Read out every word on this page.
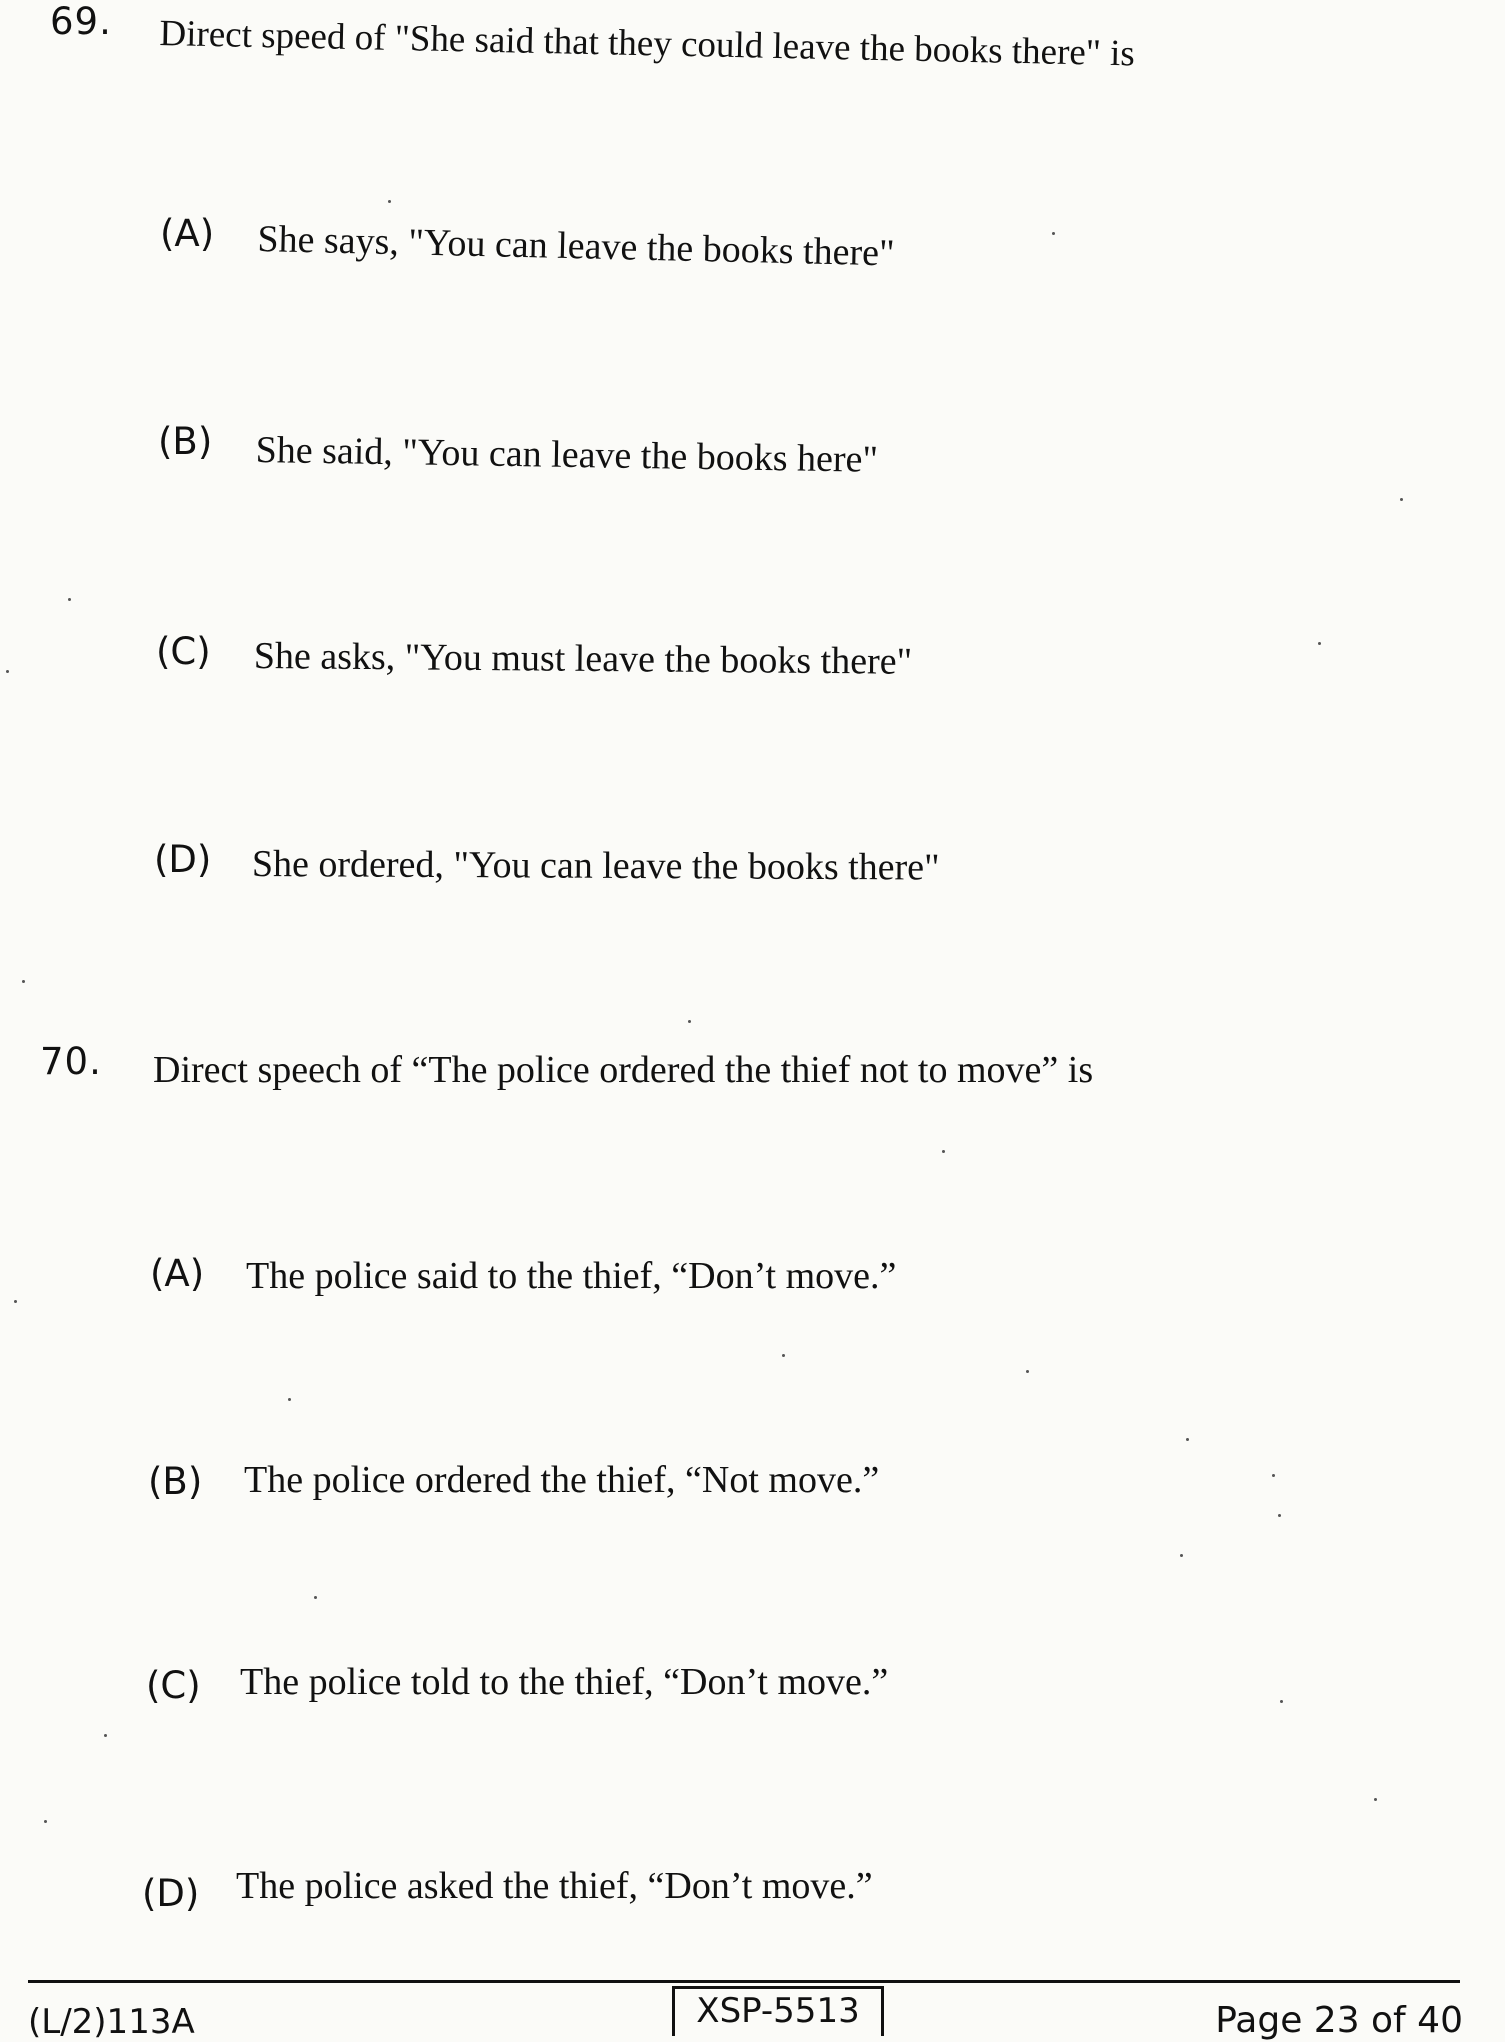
69. Direct speed of "She said that they could leave the books there" is
(A) She says, "You can leave the books there"
(B) She said, "You can leave the books here"
(C) She asks, "You must leave the books there"
(D) She ordered, "You can leave the books there"
70. Direct speech of “The police ordered the thief not to move” is
(A) The police said to the thief, “Don’t move.”
(B) The police ordered the thief, “Not move.”
(C) The police told to the thief, “Don’t move.”
(D) The police asked the thief, “Don’t move.”
(L/2)113A	XSP-5513	Page 23 of 40
